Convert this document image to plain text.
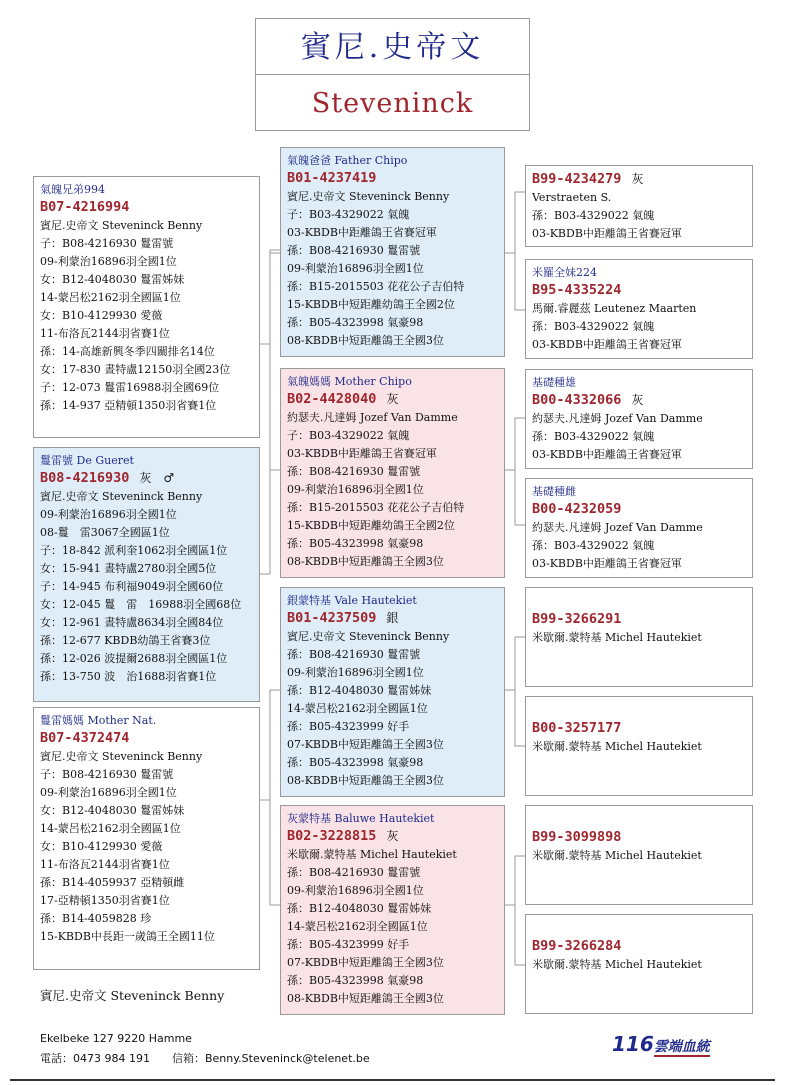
賓尼.史帝文
Steveninck
氣魄兄弟994
B07-4216994
賓尼.史帝文 Steveninck Benny
子：B08-4216930 鬘雷號
09-利蒙治16896羽全國1位
女：B12-4048030 鬘雷姊妹
14-蒙呂松2162羽全國區1位
女：B10-4129930 愛薇
11-布洛瓦2144羽省賽1位
孫：14-高雄新興冬季四關排名14位
女：17-830 晝特盧12150羽全國23位
子：12-073 鬘雷16988羽全國69位
孫：14-937 亞精頓1350羽省賽1位
鬘雷號 De Gueret
B08-4216930 灰　♂
賓尼.史帝文 Steveninck Benny
09-利蒙治16896羽全國1位
08-鬘　雷3067全國區1位
子：18-842 派利奎1062羽全國區1位
女：15-941 晝特盧2780羽全國5位
子：14-945 布利福9049羽全國60位
女：12-045 鬘　雷　16988羽全國68位
女：12-961 晝特盧8634羽全國84位
孫：12-677 KBDB幼鴿王省賽3位
孫：12-026 波提爾2688羽全國區1位
孫：13-750 波　治1688羽省賽1位
鬘雷媽媽 Mother Nat.
B07-4372474
賓尼.史帝文 Steveninck Benny
子：B08-4216930 鬘雷號
09-利蒙治16896羽全國1位
女：B12-4048030 鬘雷姊妹
14-蒙呂松2162羽全國區1位
女：B10-4129930 愛薇
11-布洛瓦2144羽省賽1位
孫：B14-4059937 亞精頓雌
17-亞精頓1350羽省賽1位
孫：B14-4059828 珍
15-KBDB中長距一歲鴿王全國11位
氣魄爸爸 Father Chipo
B01-4237419
賓尼.史帝文 Steveninck Benny
子：B03-4329022 氣魄
03-KBDB中距離鴿王省賽冠軍
孫：B08-4216930 鬘雷號
09-利蒙治16896羽全國1位
孫：B15-2015503 花花公子吉伯特
15-KBDB中短距離幼鴿王全國2位
孫：B05-4323998 氣豪98
08-KBDB中短距離鴿王全國3位
氣魄媽媽 Mother Chipo
B02-4428040 灰
約瑟夫.凡達姆 Jozef Van Damme
子：B03-4329022 氣魄
03-KBDB中距離鴿王省賽冠軍
孫：B08-4216930 鬘雷號
09-利蒙治16896羽全國1位
孫：B15-2015503 花花公子吉伯特
15-KBDB中短距離幼鴿王全國2位
孫：B05-4323998 氣豪98
08-KBDB中短距離鴿王全國3位
銀蒙特基 Vale Hautekiet
B01-4237509 銀
賓尼.史帝文 Steveninck Benny
孫：B08-4216930 鬘雷號
09-利蒙治16896羽全國1位
孫：B12-4048030 鬘雷姊妹
14-蒙呂松2162羽全國區1位
孫：B05-4323999 好手
07-KBDB中短距離鴿王全國3位
孫：B05-4323998 氣豪98
08-KBDB中短距離鴿王全國3位
灰蒙特基 Baluwe Hautekiet
B02-3228815 灰
米歇爾.蒙特基 Michel Hautekiet
孫：B08-4216930 鬘雷號
09-利蒙治16896羽全國1位
孫：B12-4048030 鬘雷姊妹
14-蒙呂松2162羽全國區1位
孫：B05-4323999 好手
07-KBDB中短距離鴿王全國3位
孫：B05-4323998 氣豪98
08-KBDB中短距離鴿王全國3位
B99-4234279 灰
Verstraeten S.
孫：B03-4329022 氣魄
03-KBDB中距離鴿王省賽冠軍
米羅全妹224
B95-4335224
馬爾.睿麗茲 Leutenez Maarten
孫：B03-4329022 氣魄
03-KBDB中距離鴿王省賽冠軍
基礎種雄
B00-4332066 灰
約瑟夫.凡達姆 Jozef Van Damme
孫：B03-4329022 氣魄
03-KBDB中距離鴿王省賽冠軍
基礎種雌
B00-4232059
約瑟夫.凡達姆 Jozef Van Damme
孫：B03-4329022 氣魄
03-KBDB中距離鴿王省賽冠軍
B99-3266291
米歇爾.蒙特基 Michel Hautekiet
B00-3257177
米歇爾.蒙特基 Michel Hautekiet
B99-3099898
米歇爾.蒙特基 Michel Hautekiet
B99-3266284
米歇爾.蒙特基 Michel Hautekiet
賓尼.史帝文 Steveninck Benny
Ekelbeke 127 9220 Hamme
電話：0473 984 191　　信箱：Benny.Steveninck@telenet.be
116雲端血統
